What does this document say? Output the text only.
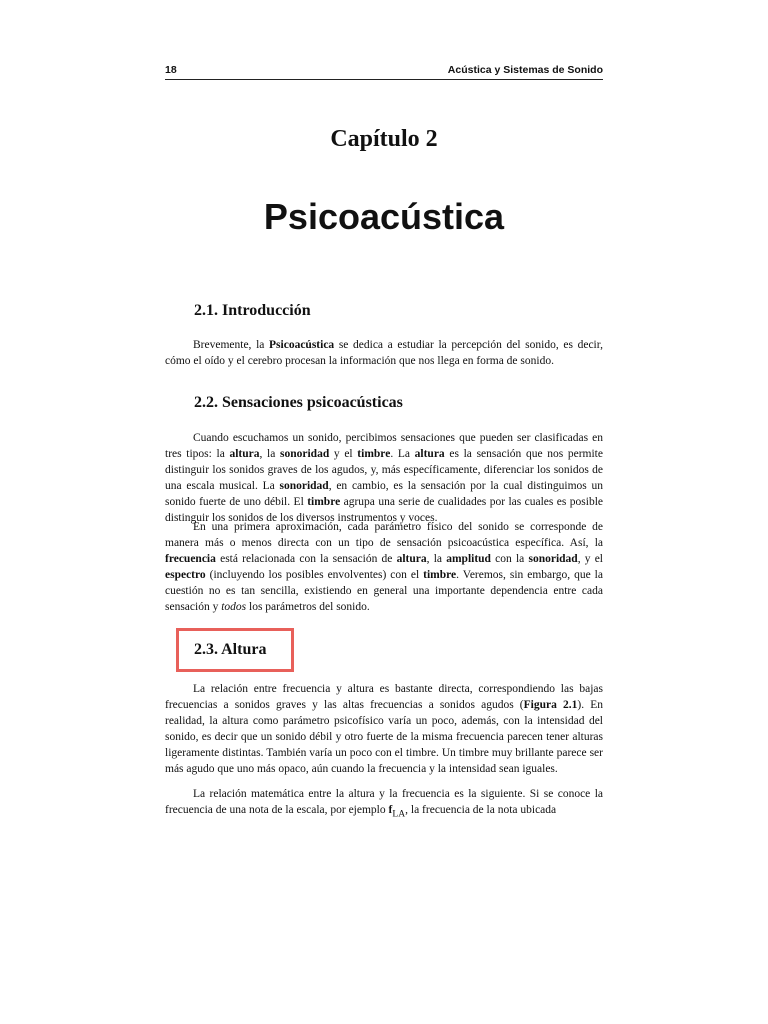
18	Acústica y Sistemas de Sonido
Capítulo 2
Psicoacústica
2.1. Introducción
Brevemente, la Psicoacústica se dedica a estudiar la percepción del sonido, es decir, cómo el oído y el cerebro procesan la información que nos llega en forma de sonido.
2.2. Sensaciones psicoacústicas
Cuando escuchamos un sonido, percibimos sensaciones que pueden ser clasificadas en tres tipos: la altura, la sonoridad y el timbre. La altura es la sensación que nos permite distinguir los sonidos graves de los agudos, y, más específicamente, diferenciar los sonidos de una escala musical. La sonoridad, en cambio, es la sensación por la cual distinguimos un sonido fuerte de uno débil. El timbre agrupa una serie de cualidades por las cuales es posible distinguir los sonidos de los diversos instrumentos y voces.
En una primera aproximación, cada parámetro físico del sonido se corresponde de manera más o menos directa con un tipo de sensación psicoacústica específica. Así, la frecuencia está relacionada con la sensación de altura, la amplitud con la sonoridad, y el espectro (incluyendo los posibles envolventes) con el timbre. Veremos, sin embargo, que la cuestión no es tan sencilla, existiendo en general una importante dependencia entre cada sensación y todos los parámetros del sonido.
2.3. Altura
La relación entre frecuencia y altura es bastante directa, correspondiendo las bajas frecuencias a sonidos graves y las altas frecuencias a sonidos agudos (Figura 2.1). En realidad, la altura como parámetro psicofísico varía un poco, además, con la intensidad del sonido, es decir que un sonido débil y otro fuerte de la misma frecuencia parecen tener alturas ligeramente distintas. También varía un poco con el timbre. Un timbre muy brillante parece ser más agudo que uno más opaco, aún cuando la frecuencia y la intensidad sean iguales.
La relación matemática entre la altura y la frecuencia es la siguiente. Si se conoce la frecuencia de una nota de la escala, por ejemplo $f_{LA}$, la frecuencia de la nota ubicada
